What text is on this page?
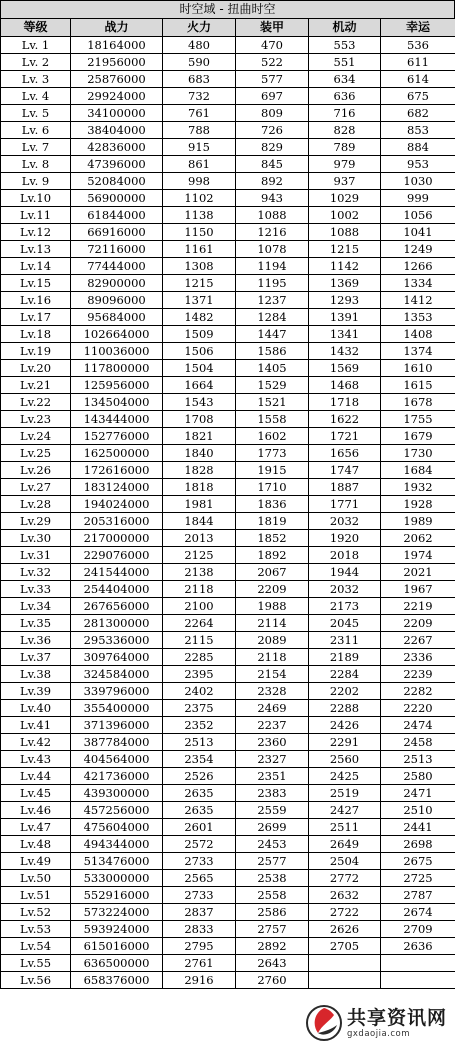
时空域 - 扭曲时空
等级	战力	火力	装甲	机动	幸运
Lv. 1	18164000	480	470	553	536
Lv. 2	21956000	590	522	551	611
Lv. 3	25876000	683	577	634	614
Lv. 4	29924000	732	697	636	675
Lv. 5	34100000	761	809	716	682
Lv. 6	38404000	788	726	828	853
Lv. 7	42836000	915	829	789	884
Lv. 8	47396000	861	845	979	953
Lv. 9	52084000	998	892	937	1030
Lv.10	56900000	1102	943	1029	999
Lv.11	61844000	1138	1088	1002	1056
Lv.12	66916000	1150	1216	1088	1041
Lv.13	72116000	1161	1078	1215	1249
Lv.14	77444000	1308	1194	1142	1266
Lv.15	82900000	1215	1195	1369	1334
Lv.16	89096000	1371	1237	1293	1412
Lv.17	95684000	1482	1284	1391	1353
Lv.18	102664000	1509	1447	1341	1408
Lv.19	110036000	1506	1586	1432	1374
Lv.20	117800000	1504	1405	1569	1610
Lv.21	125956000	1664	1529	1468	1615
Lv.22	134504000	1543	1521	1718	1678
Lv.23	143444000	1708	1558	1622	1755
Lv.24	152776000	1821	1602	1721	1679
Lv.25	162500000	1840	1773	1656	1730
Lv.26	172616000	1828	1915	1747	1684
Lv.27	183124000	1818	1710	1887	1932
Lv.28	194024000	1981	1836	1771	1928
Lv.29	205316000	1844	1819	2032	1989
Lv.30	217000000	2013	1852	1920	2062
Lv.31	229076000	2125	1892	2018	1974
Lv.32	241544000	2138	2067	1944	2021
Lv.33	254404000	2118	2209	2032	1967
Lv.34	267656000	2100	1988	2173	2219
Lv.35	281300000	2264	2114	2045	2209
Lv.36	295336000	2115	2089	2311	2267
Lv.37	309764000	2285	2118	2189	2336
Lv.38	324584000	2395	2154	2284	2239
Lv.39	339796000	2402	2328	2202	2282
Lv.40	355400000	2375	2469	2288	2220
Lv.41	371396000	2352	2237	2426	2474
Lv.42	387784000	2513	2360	2291	2458
Lv.43	404564000	2354	2327	2560	2513
Lv.44	421736000	2526	2351	2425	2580
Lv.45	439300000	2635	2383	2519	2471
Lv.46	457256000	2635	2559	2427	2510
Lv.47	475604000	2601	2699	2511	2441
Lv.48	494344000	2572	2453	2649	2698
Lv.49	513476000	2733	2577	2504	2675
Lv.50	533000000	2565	2538	2772	2725
Lv.51	552916000	2733	2558	2632	2787
Lv.52	573224000	2837	2586	2722	2674
Lv.53	593924000	2833	2757	2626	2709
Lv.54	615016000	2795	2892	2705	2636
Lv.55	636500000	2761	2643		
Lv.56	658376000	2916	2760		
共享资讯网
gxdaojia.com
